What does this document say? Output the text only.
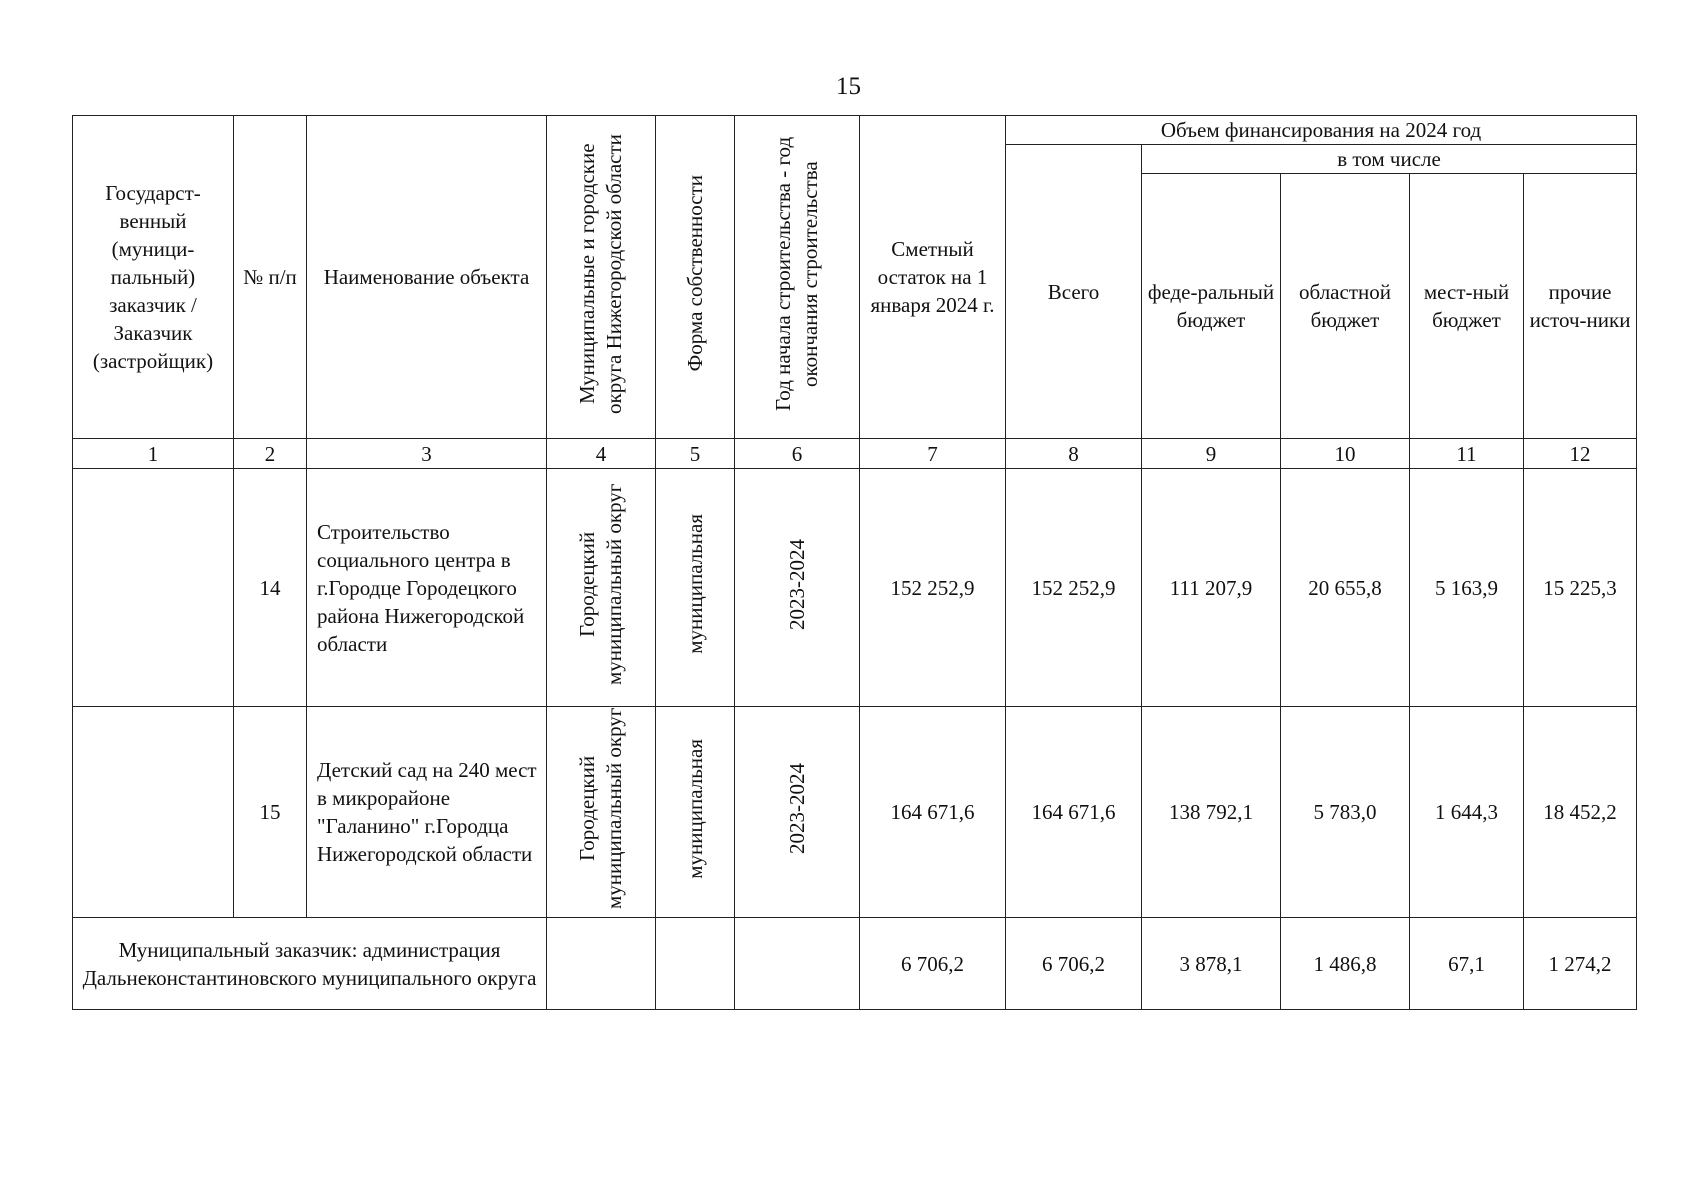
15
Государст-венный (муници-пальный) заказчик / Заказчик (застройщик)	№ п/п	Наименование объекта	Муниципальные и городские округа Нижегородской области	Форма собственности	Год начала строительства - год окончания строительства	Сметный остаток на 1 января 2024 г.	Объем финансирования на 2024 год				
							Всего	в том числе			
								феде-ральный бюджет	областной бюджет	мест-ный бюджет	прочие источ-ники
1	2	3	4	5	6	7	8	9	10	11	12
	14	Строительство социального центра в г.Городце Городецкого района Нижегородской области	Городецкий муниципальный округ	муниципальная	2023-2024	152 252,9	152 252,9	111 207,9	20 655,8	5 163,9	15 225,3
	15	Детский сад на 240 мест в микрорайоне "Галанино" г.Городца Нижегородской области	Городецкий муниципальный округ	муниципальная	2023-2024	164 671,6	164 671,6	138 792,1	5 783,0	1 644,3	18 452,2
Муниципальный заказчик: администрация Дальнеконстантиновского муниципального округа						6 706,2	6 706,2	3 878,1	1 486,8	67,1	1 274,2
